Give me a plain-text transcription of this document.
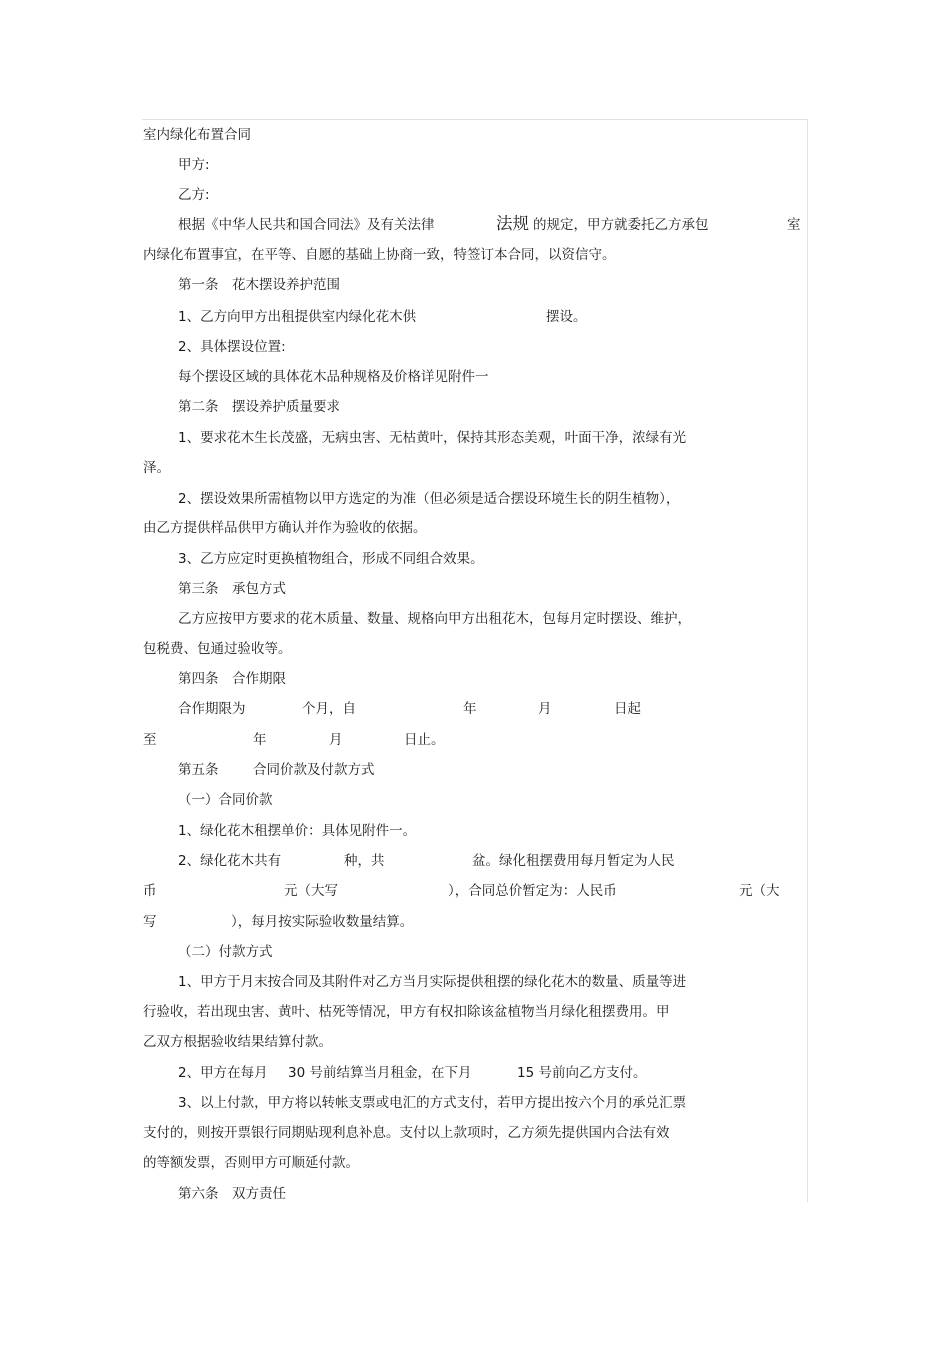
室内绿化布置合同
甲方:
乙方:
根据《中华人民共和国合同法》及有关法律	法规 的规定，甲方就委托乙方承包	室
内绿化布置事宜，在平等、自愿的基础上协商一致，特签订本合同，以资信守。
第一条　花木摆设养护范围
1、乙方向甲方出租提供室内绿化花木供	摆设。
2、具体摆设位置:
每个摆设区域的具体花木品种规格及价格详见附件一
第二条　摆设养护质量要求
1、要求花木生长茂盛，无病虫害、无枯黄叶，保持其形态美观，叶面干净，浓绿有光
泽。
2、摆设效果所需植物以甲方选定的为准（但必须是适合摆设环境生长的阴生植物），
由乙方提供样品供甲方确认并作为验收的依据。
3、乙方应定时更换植物组合，形成不同组合效果。
第三条　承包方式
乙方应按甲方要求的花木质量、数量、规格向甲方出租花木，包每月定时摆设、维护，
包税费、包通过验收等。
第四条　合作期限
合作期限为	个月，自	年	月	日起
至	年	月	日止。
第五条	合同价款及付款方式
（一）合同价款
1、绿化花木租摆单价：具体见附件一。
2、绿化花木共有	种，共	盆。绿化租摆费用每月暂定为人民
币	元（大写	），合同总价暂定为：人民币	元（大
写	），每月按实际验收数量结算。
（二）付款方式
1、甲方于月末按合同及其附件对乙方当月实际提供租摆的绿化花木的数量、质量等进
行验收，若出现虫害、黄叶、枯死等情况，甲方有权扣除该盆植物当月绿化租摆费用。甲
乙双方根据验收结果结算付款。
2、甲方在每月 30 号前结算当月租金，在下月	15 号前向乙方支付。
3、以上付款，甲方将以转帐支票或电汇的方式支付，若甲方提出按六个月的承兑汇票
支付的，则按开票银行同期贴现利息补息。支付以上款项时，乙方须先提供国内合法有效
的等额发票，否则甲方可顺延付款。
第六条　双方责任
